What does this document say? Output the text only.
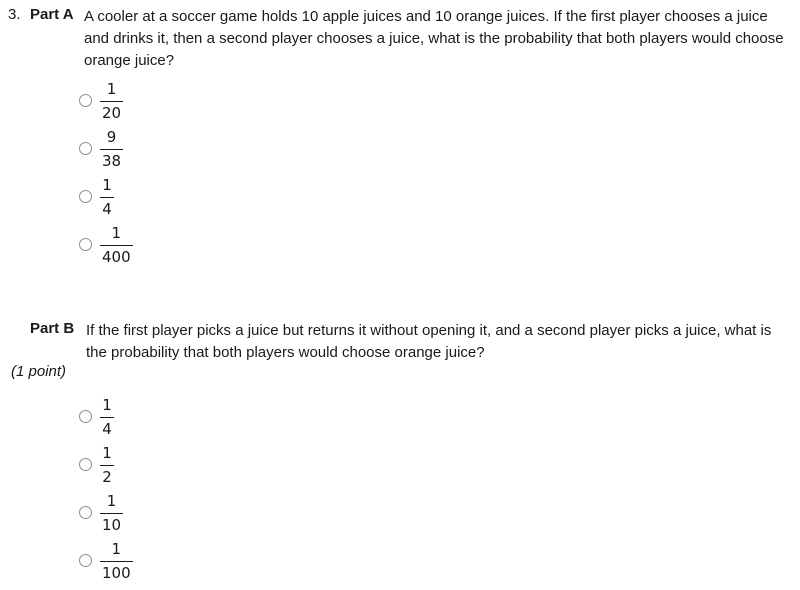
3. Part A A cooler at a soccer game holds 10 apple juices and 10 orange juices. If the first player chooses a juice and drinks it, then a second player chooses a juice, what is the probability that both players would choose orange juice?

1
20
9
38
1
4
1
400
Part B If the first player picks a juice but returns it without opening it, and a second player picks a juice, what is the probability that both players would choose orange juice?

(1 point)
1
4
1
2
1
10
1
100
